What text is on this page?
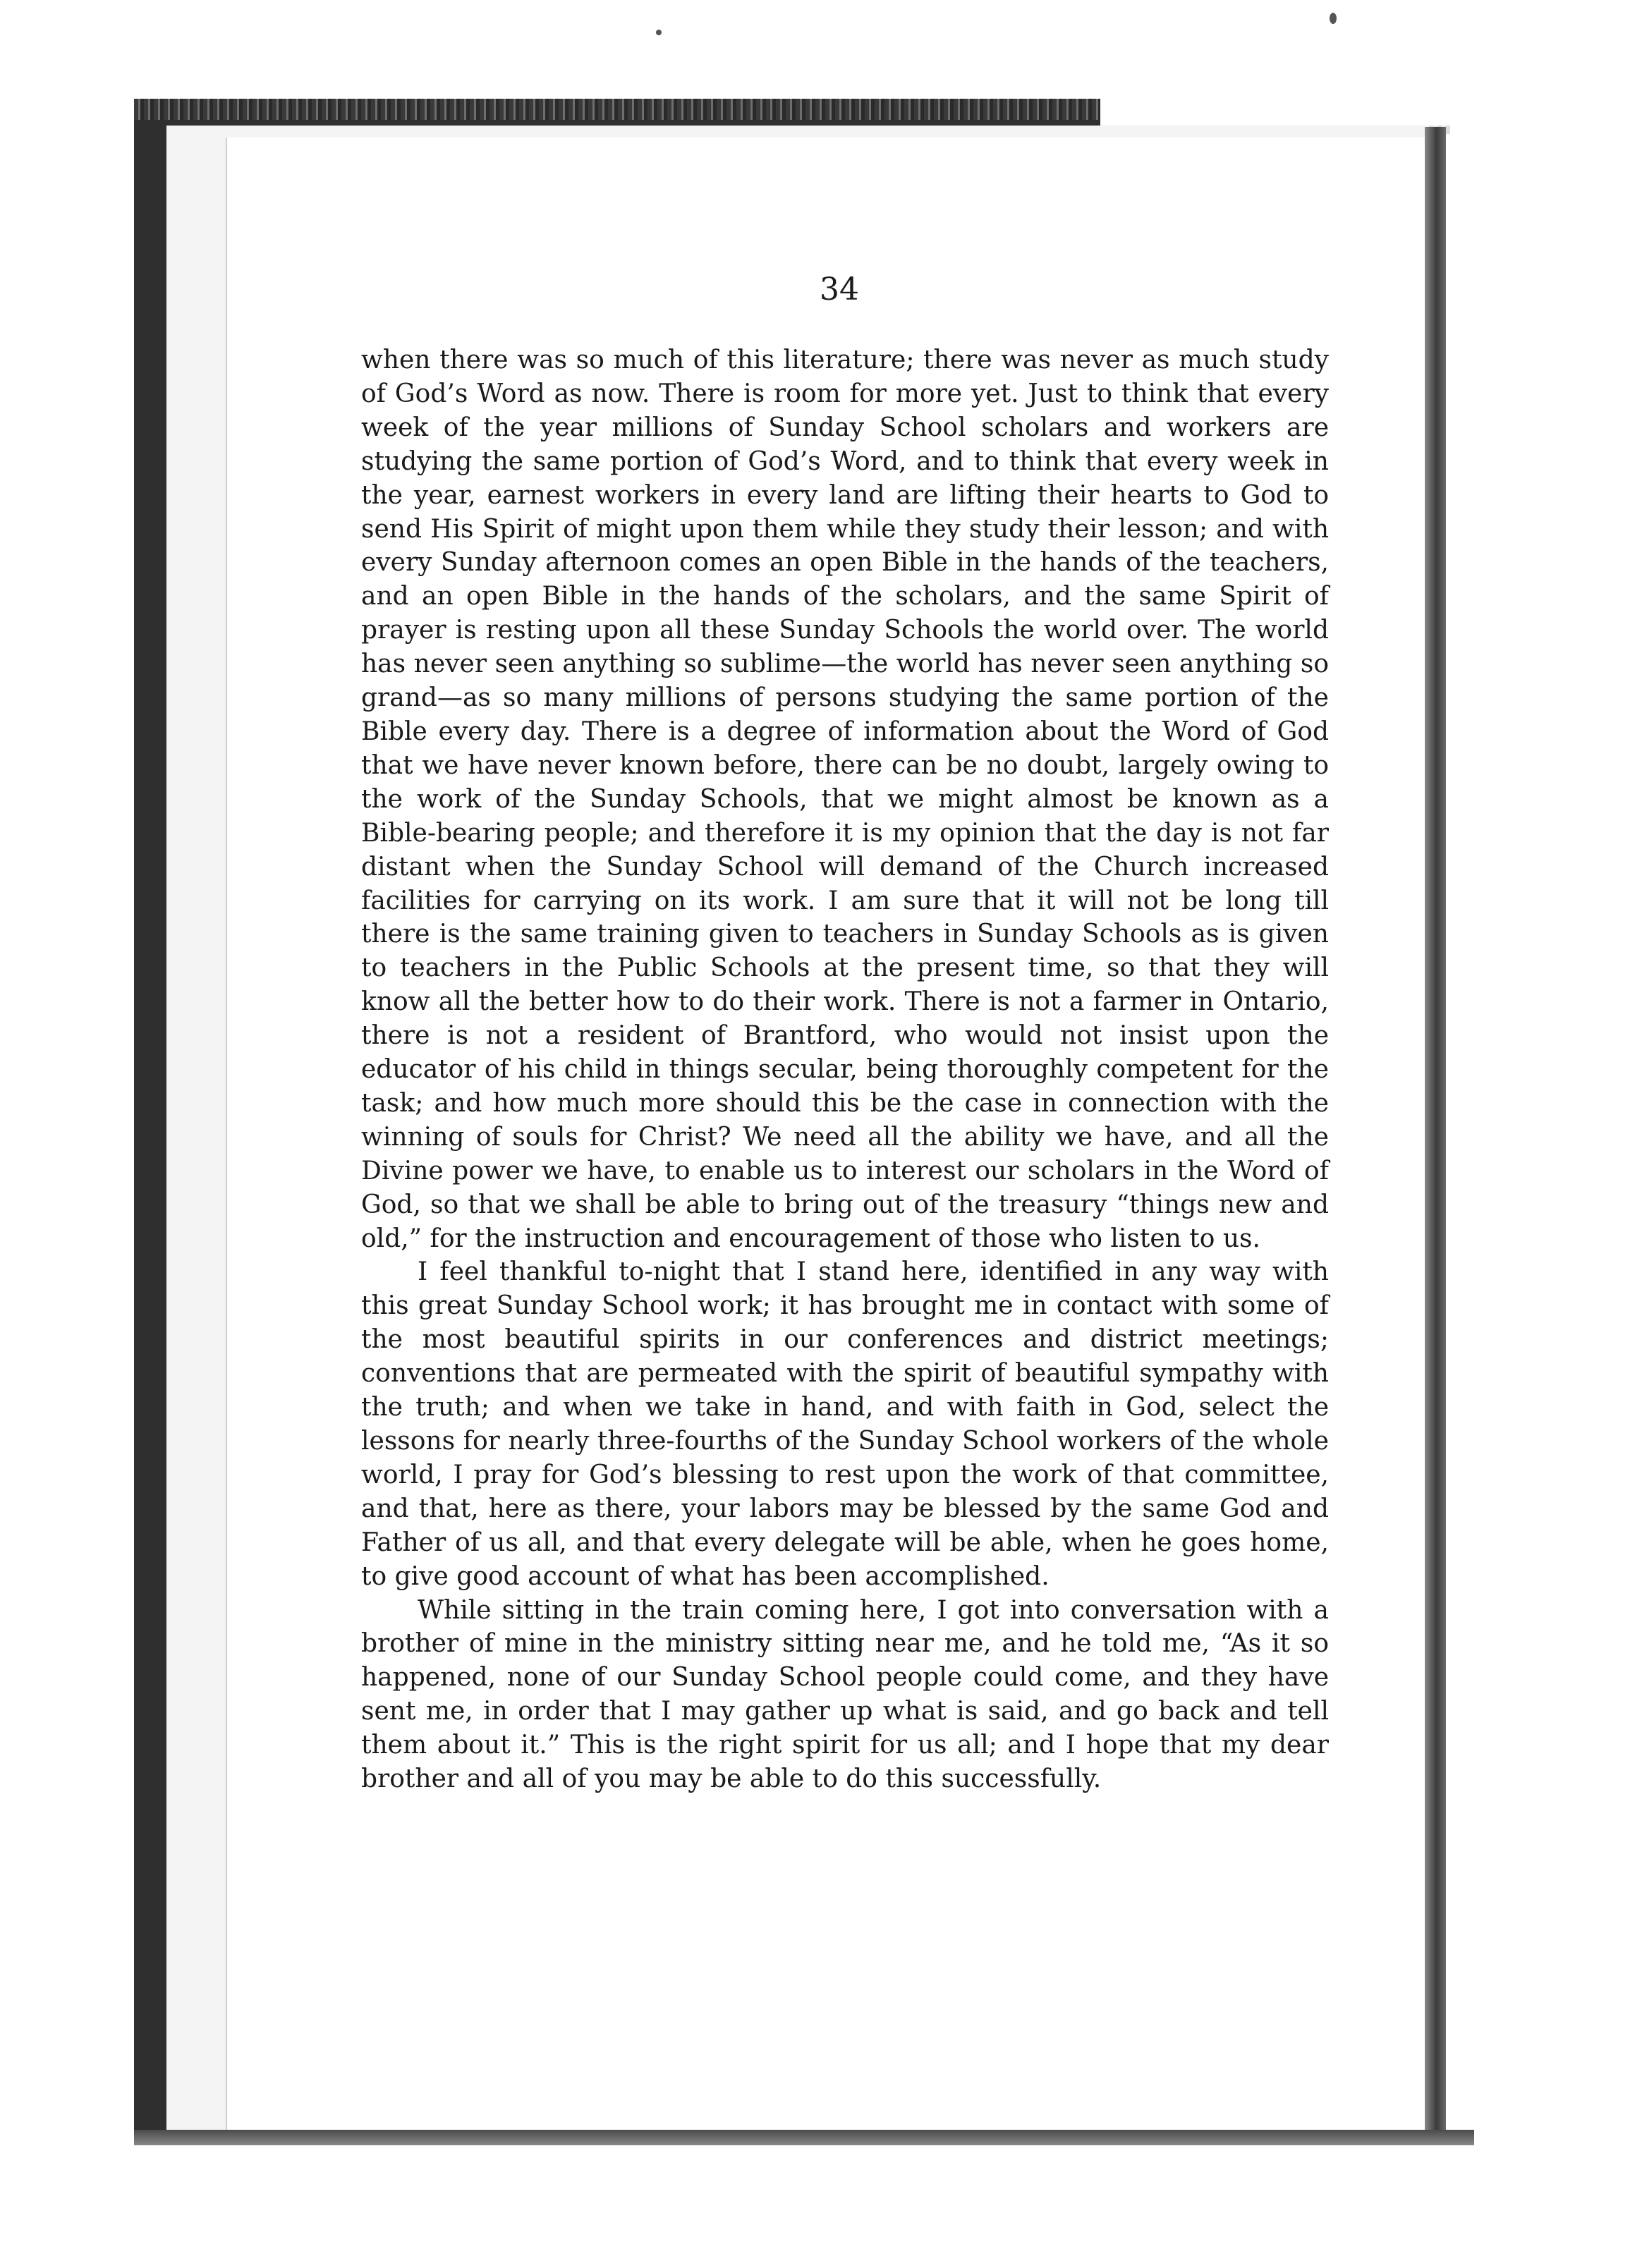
34

when there was so much of this literature; there was never as much study of God’s Word as now. There is room for more yet. Just to think that every week of the year millions of Sunday School scholars and workers are studying the same portion of God’s Word, and to think that every week in the year, earnest workers in every land are lifting their hearts to God to send His Spirit of might upon them while they study their lesson; and with every Sunday afternoon comes an open Bible in the hands of the teachers, and an open Bible in the hands of the scholars, and the same Spirit of prayer is resting upon all these Sunday Schools the world over. The world has never seen anything so sublime—the world has never seen anything so grand—as so many millions of persons studying the same portion of the Bible every day. There is a degree of information about the Word of God that we have never known before, there can be no doubt, largely owing to the work of the Sunday Schools, that we might almost be known as a Bible-bearing people; and therefore it is my opinion that the day is not far distant when the Sunday School will demand of the Church increased facilities for carrying on its work. I am sure that it will not be long till there is the same training given to teachers in Sunday Schools as is given to teachers in the Public Schools at the present time, so that they will know all the better how to do their work. There is not a farmer in Ontario, there is not a resident of Brantford, who would not insist upon the educator of his child in things secular, being thoroughly competent for the task; and how much more should this be the case in connection with the winning of souls for Christ? We need all the ability we have, and all the Divine power we have, to enable us to interest our scholars in the Word of God, so that we shall be able to bring out of the treasury “things new and old,” for the instruction and encouragement of those who listen to us.

I feel thankful to-night that I stand here, identified in any way with this great Sunday School work; it has brought me in contact with some of the most beautiful spirits in our conferences and district meetings; conventions that are permeated with the spirit of beautiful sympathy with the truth; and when we take in hand, and with faith in God, select the lessons for nearly three-fourths of the Sunday School workers of the whole world, I pray for God’s blessing to rest upon the work of that committee, and that, here as there, your labors may be blessed by the same God and Father of us all, and that every delegate will be able, when he goes home, to give good account of what has been accomplished.

While sitting in the train coming here, I got into conversation with a brother of mine in the ministry sitting near me, and he told me, “As it so happened, none of our Sunday School people could come, and they have sent me, in order that I may gather up what is said, and go back and tell them about it.” This is the right spirit for us all; and I hope that my dear brother and all of you may be able to do this successfully.
